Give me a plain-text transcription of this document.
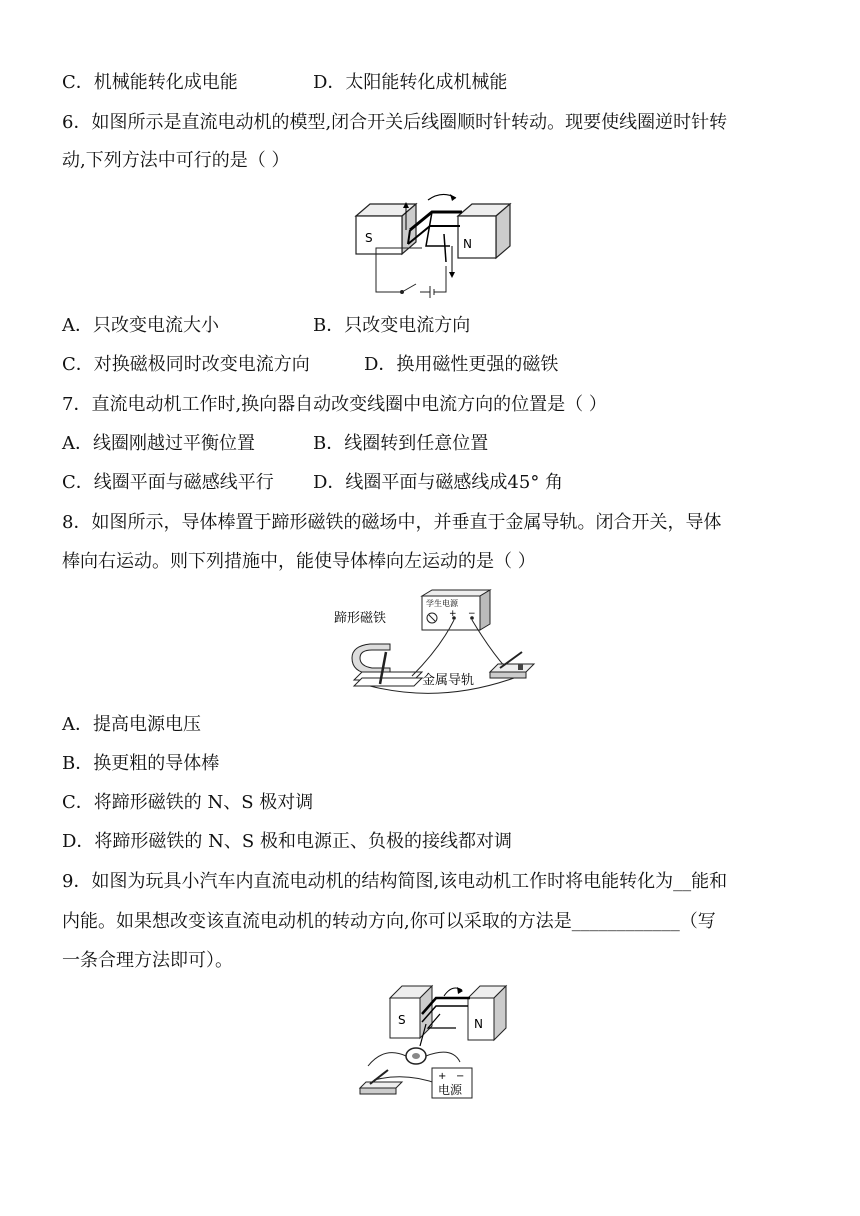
C．机械能转化成电能	D．太阳能转化成机械能
6．如图所示是直流电动机的模型,闭合开关后线圈顺时针转动。现要使线圈逆时针转
动,下列方法中可行的是（ ）
S	N
A．只改变电流大小	B．只改变电流方向
C．对换磁极同时改变电流方向	D．换用磁性更强的磁铁
7．直流电动机工作时,换向器自动改变线圈中电流方向的位置是（ ）
A．线圈刚越过平衡位置	B．线圈转到任意位置
C．线圈平面与磁感线平行 D．线圈平面与磁感线成45° 角
8．如图所示，导体棒置于蹄形磁铁的磁场中，并垂直于金属导轨。闭合开关，导体
棒向右运动。则下列措施中，能使导体棒向左运动的是（ ）
蹄形磁铁
学生电源
+ −
金属导轨
A．提高电源电压
B．换更粗的导体棒
C．将蹄形磁铁的 N、S 极对调
D．将蹄形磁铁的 N、S 极和电源正、负极的接线都对调
9．如图为玩具小汽车内直流电动机的结构简图,该电动机工作时将电能转化为__能和
内能。如果想改变该直流电动机的转动方向,你可以采取的方法是____________（写
一条合理方法即可）。
S	N
+ −
电源
